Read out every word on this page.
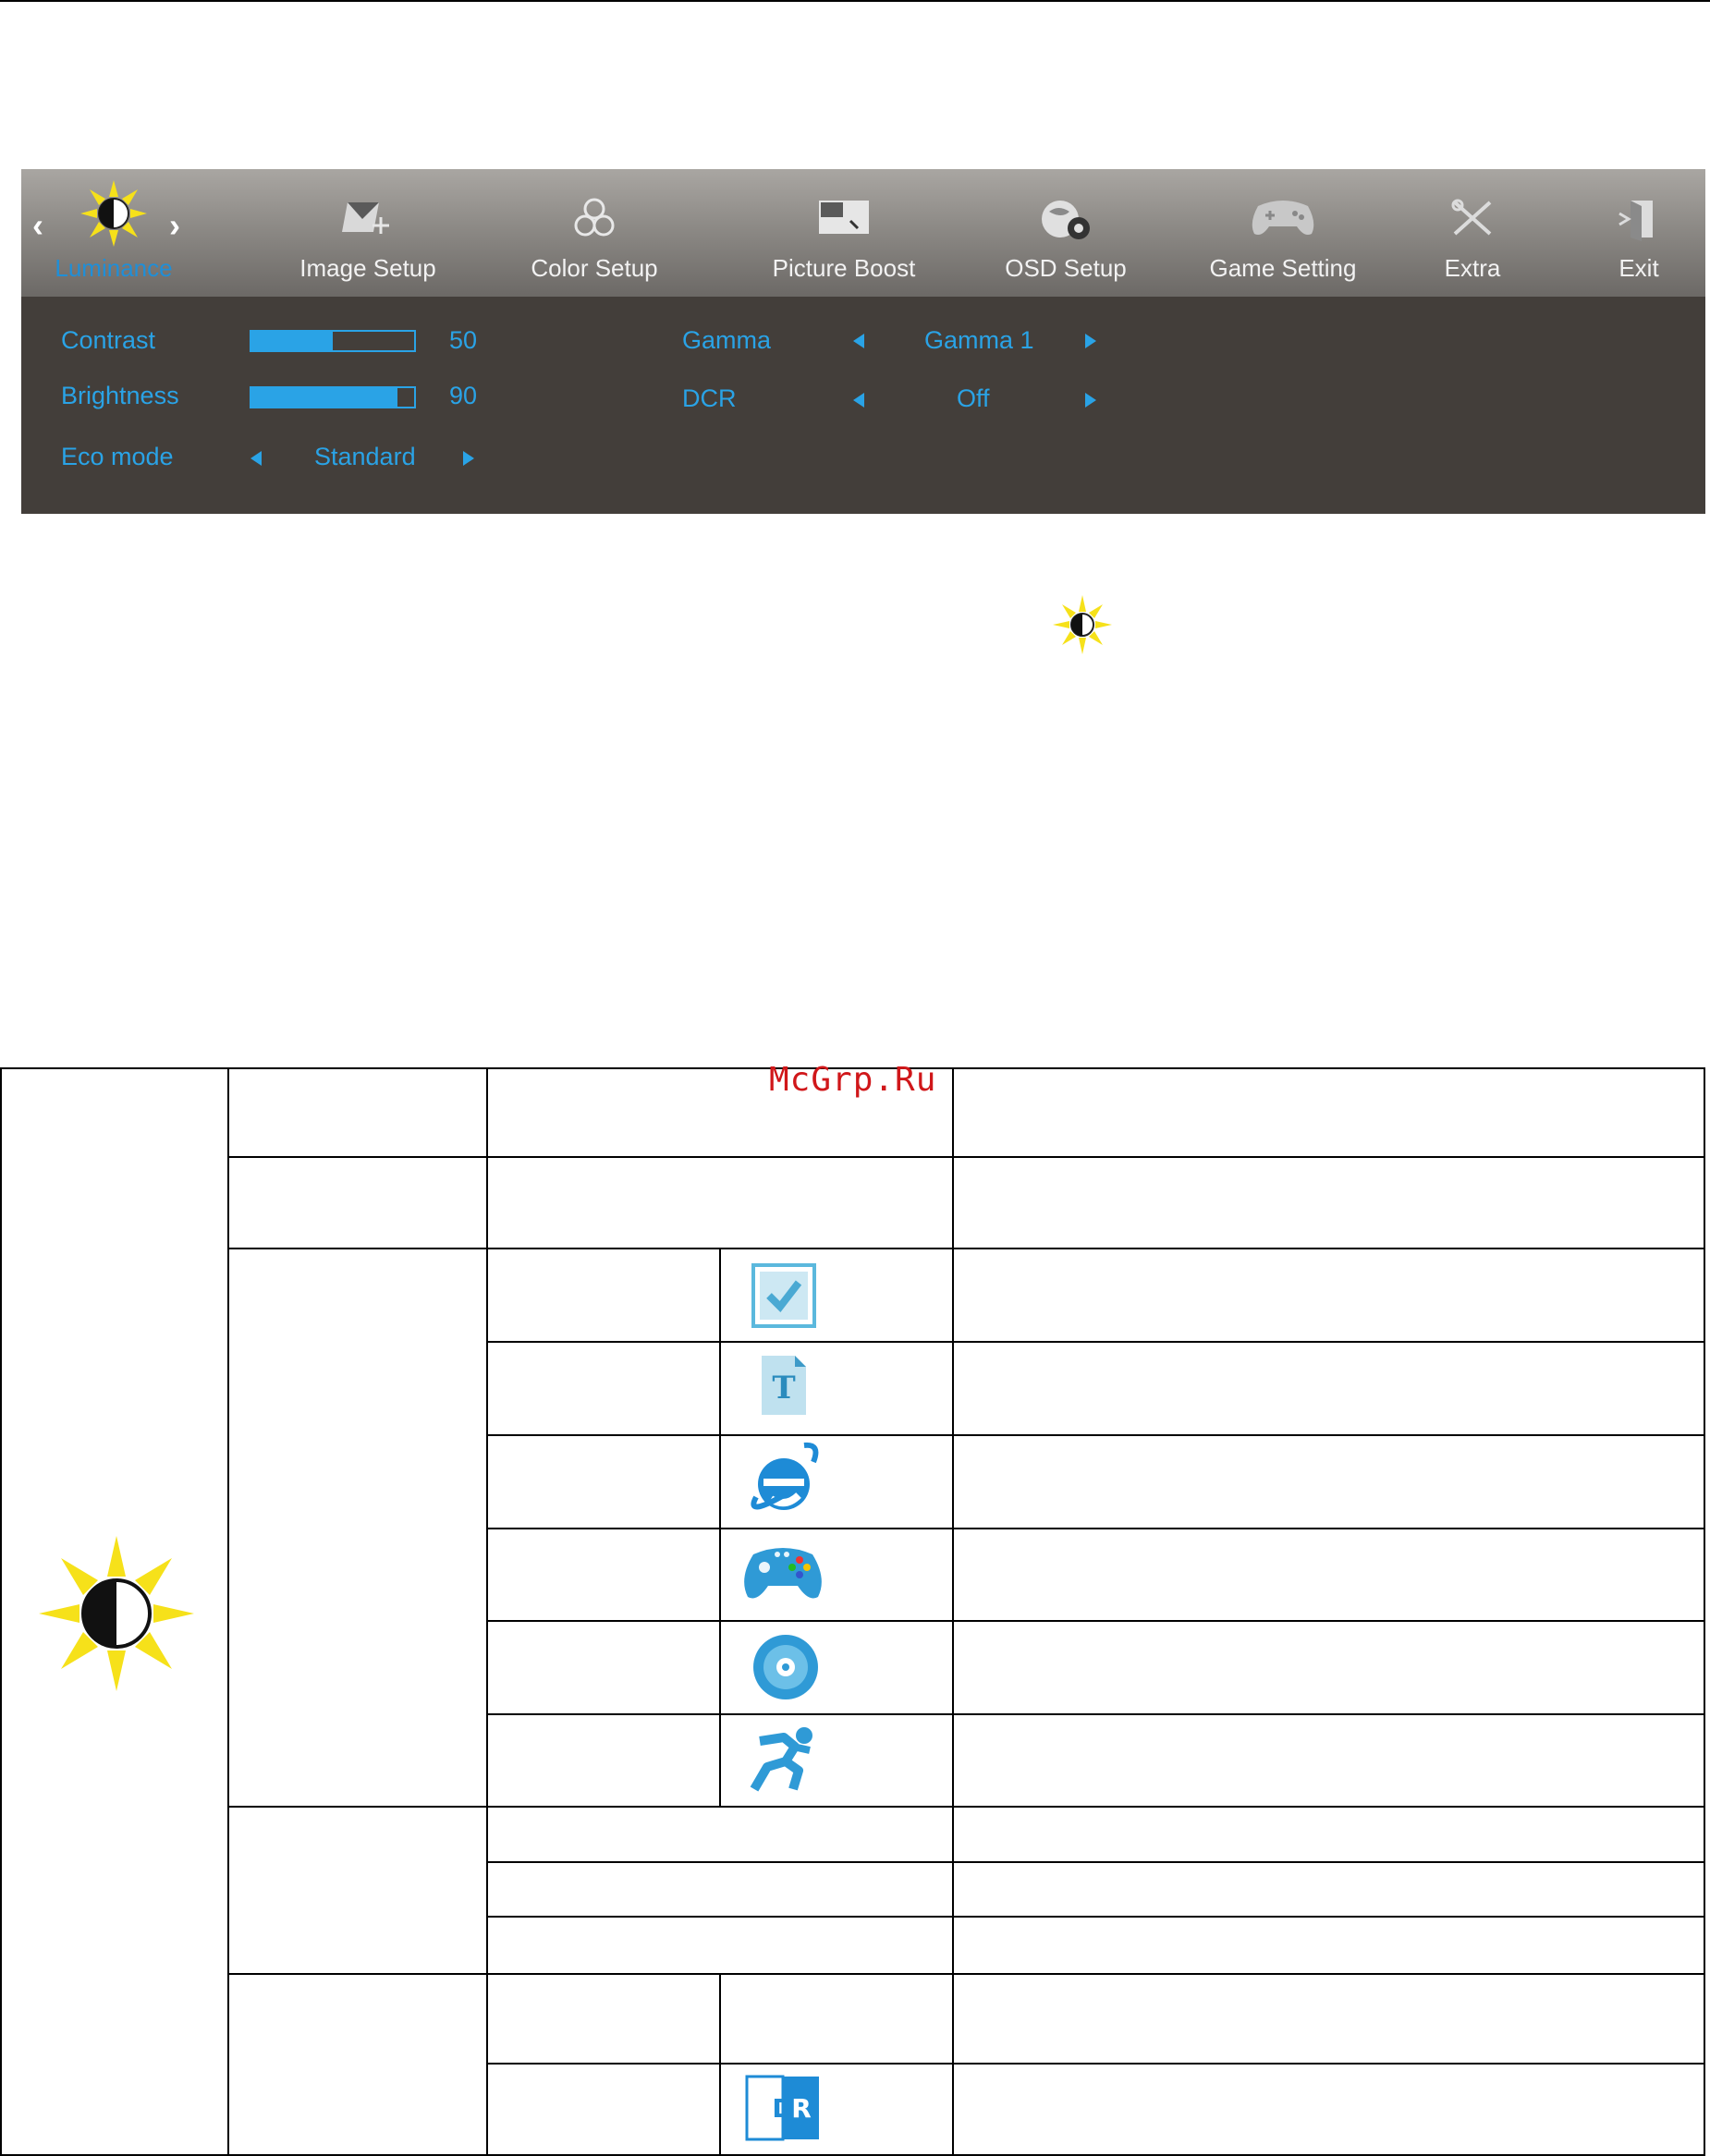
‹	›
Luminance	Image Setup	Color Setup	Picture Boost	OSD Setup	Game Setting	Extra	Exit
Contrast	50
Brightness	90
Eco mode	Standard
Gamma	Gamma 1
DCR	Off
McGrp.Ru
T
D
R
